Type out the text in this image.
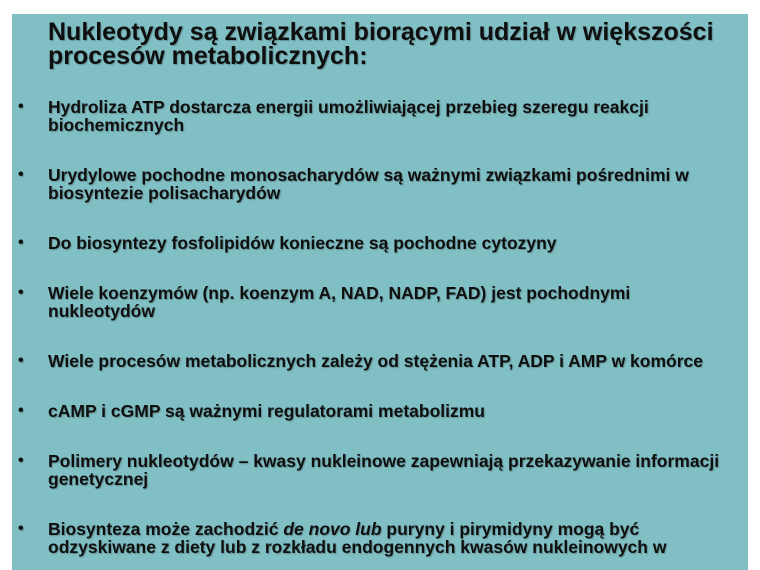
Nukleotydy są związkami biorącymi udział w większości procesów metabolicznych:
• Hydroliza ATP dostarcza energii umożliwiającej przebieg szeregu reakcji biochemicznych
• Urydylowe pochodne monosacharydów są ważnymi związkami pośrednimi w biosyntezie polisacharydów
• Do biosyntezy fosfolipidów konieczne są pochodne cytozyny
• Wiele koenzymów (np. koenzym A, NAD, NADP, FAD) jest pochodnymi nukleotydów
• Wiele procesów metabolicznych zależy od stężenia ATP, ADP i AMP w komórce
• cAMP i cGMP są ważnymi regulatorami metabolizmu
• Polimery nukleotydów – kwasy nukleinowe zapewniają przekazywanie informacji genetycznej
• Biosynteza może zachodzić de novo lub puryny i pirymidyny mogą być odzyskiwane z diety lub z rozkładu endogennych kwasów nukleinowych w
